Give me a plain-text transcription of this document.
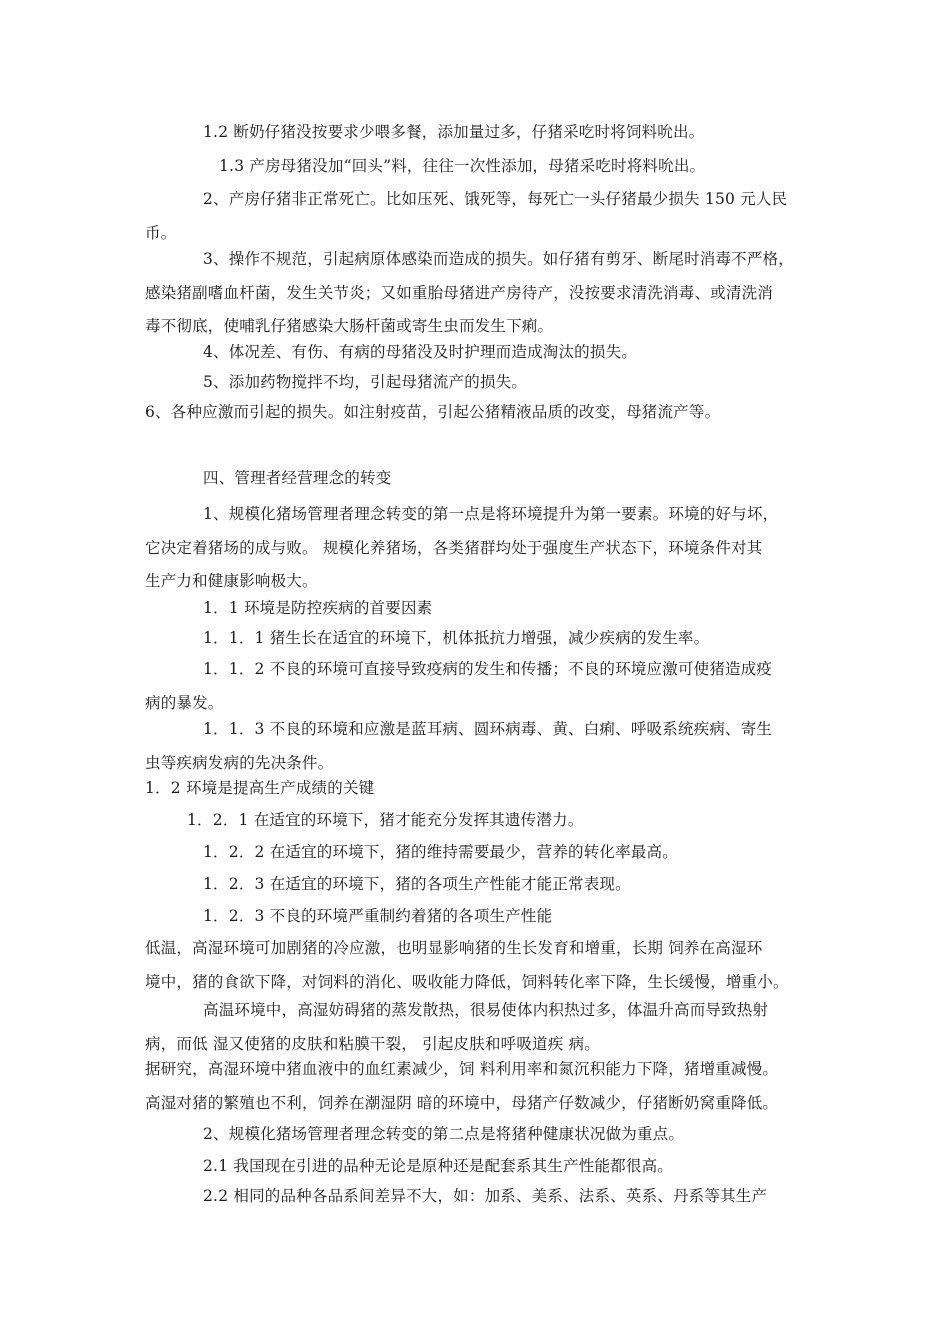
1.2 断奶仔猪没按要求少喂多餐，添加量过多，仔猪采吃时将饲料吮出。
1.3 产房母猪没加“回头”料，往往一次性添加，母猪采吃时将料吮出。
2、产房仔猪非正常死亡。比如压死、饿死等，每死亡一头仔猪最少损失 150 元人民
币。
3、操作不规范，引起病原体感染而造成的损失。如仔猪有剪牙、断尾时消毒不严格，
感染猪副嗜血杆菌，发生关节炎；又如重胎母猪进产房待产，没按要求清洗消毒、或清洗消
毒不彻底，使哺乳仔猪感染大肠杆菌或寄生虫而发生下痢。
4、体况差、有伤、有病的母猪没及时护理而造成淘汰的损失。
5、添加药物搅拌不均，引起母猪流产的损失。
6、各种应激而引起的损失。如注射疫苗，引起公猪精液品质的改变，母猪流产等。
四、管理者经营理念的转变
1、规模化猪场管理者理念转变的第一点是将环境提升为第一要素。环境的好与坏，
它决定着猪场的成与败。 规模化养猪场，各类猪群均处于强度生产状态下，环境条件对其
生产力和健康影响极大。
1．1 环境是防控疾病的首要因素
1．1．1 猪生长在适宜的环境下，机体抵抗力增强，减少疾病的发生率。
1．1．2 不良的环境可直接导致疫病的发生和传播；不良的环境应激可使猪造成疫
病的暴发。
1．1．3 不良的环境和应激是蓝耳病、圆环病毒、黄、白痢、呼吸系统疾病、寄生
虫等疾病发病的先决条件。
1．2 环境是提高生产成绩的关键
1．2．1 在适宜的环境下，猪才能充分发挥其遗传潜力。
1．2．2 在适宜的环境下，猪的维持需要最少，营养的转化率最高。
1．2．3 在适宜的环境下，猪的各项生产性能才能正常表现。
1．2．3 不良的环境严重制约着猪的各项生产性能
低温，高湿环境可加剧猪的冷应激，也明显影响猪的生长发育和增重，长期 饲养在高湿环
境中，猪的食欲下降，对饲料的消化、吸收能力降低，饲料转化率下降，生长缓慢，增重小。
高温环境中，高湿妨碍猪的蒸发散热，很易使体内积热过多，体温升高而导致热射
病，而低 湿又使猪的皮肤和粘膜干裂， 引起皮肤和呼吸道疾 病。
据研究，高湿环境中猪血液中的血红素减少，饲 料利用率和氮沉积能力下降，猪增重减慢。
高湿对猪的繁殖也不利，饲养在潮湿阴 暗的环境中，母猪产仔数减少，仔猪断奶窝重降低。
2、规模化猪场管理者理念转变的第二点是将猪种健康状况做为重点。
2.1 我国现在引进的品种无论是原种还是配套系其生产性能都很高。
2.2 相同的品种各品系间差异不大，如：加系、美系、法系、英系、丹系等其生产
